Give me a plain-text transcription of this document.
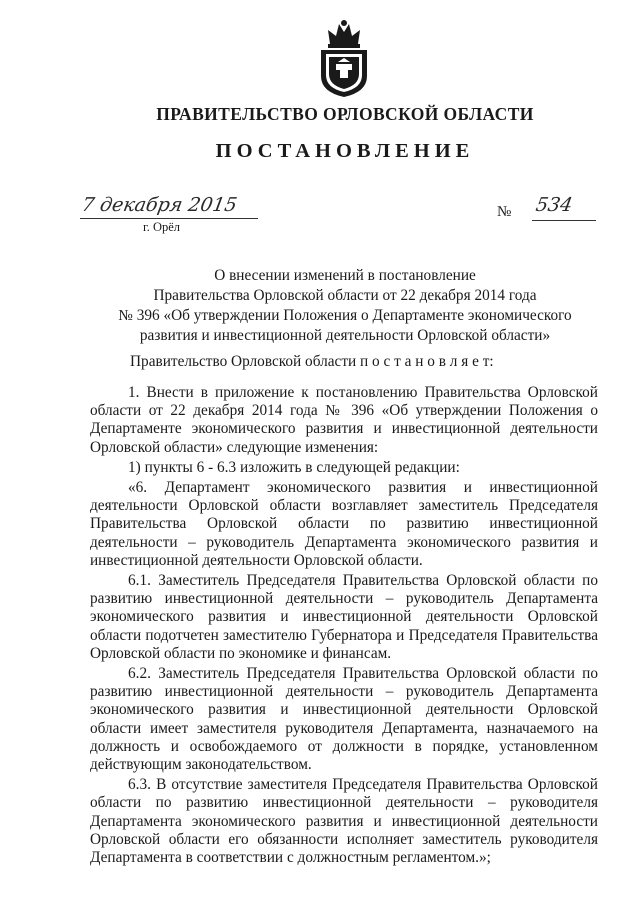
ПРАВИТЕЛЬСТВО ОРЛОВСКОЙ ОБЛАСТИ
ПОСТАНОВЛЕНИЕ
7 декабря 2015
г. Орёл
№ 534
О внесении изменений в постановление
Правительства Орловской области от 22 декабря 2014 года
№ 396 «Об утверждении Положения о Департаменте экономического
развития и инвестиционной деятельности Орловской области»
Правительство Орловской области п о с т а н о в л я е т:

1. Внести в приложение к постановлению Правительства Орловской области от 22 декабря 2014 года № 396 «Об утверждении Положения о Департаменте экономического развития и инвестиционной деятельности Орловской области» следующие изменения:

1) пункты 6 - 6.3 изложить в следующей редакции:

«6. Департамент экономического развития и инвестиционной деятельности Орловской области возглавляет заместитель Председателя Правительства Орловской области по развитию инвестиционной деятельности – руководитель Департамента экономического развития и инвестиционной деятельности Орловской области.

6.1. Заместитель Председателя Правительства Орловской области по развитию инвестиционной деятельности – руководитель Департамента экономического развития и инвестиционной деятельности Орловской области подотчетен заместителю Губернатора и Председателя Правительства Орловской области по экономике и финансам.

6.2. Заместитель Председателя Правительства Орловской области по развитию инвестиционной деятельности – руководитель Департамента экономического развития и инвестиционной деятельности Орловской области имеет заместителя руководителя Департамента, назначаемого на должность и освобождаемого от должности в порядке, установленном действующим законодательством.

6.3. В отсутствие заместителя Председателя Правительства Орловской области по развитию инвестиционной деятельности – руководителя Департамента экономического развития и инвестиционной деятельности Орловской области его обязанности исполняет заместитель руководителя Департамента в соответствии с должностным регламентом.»;
